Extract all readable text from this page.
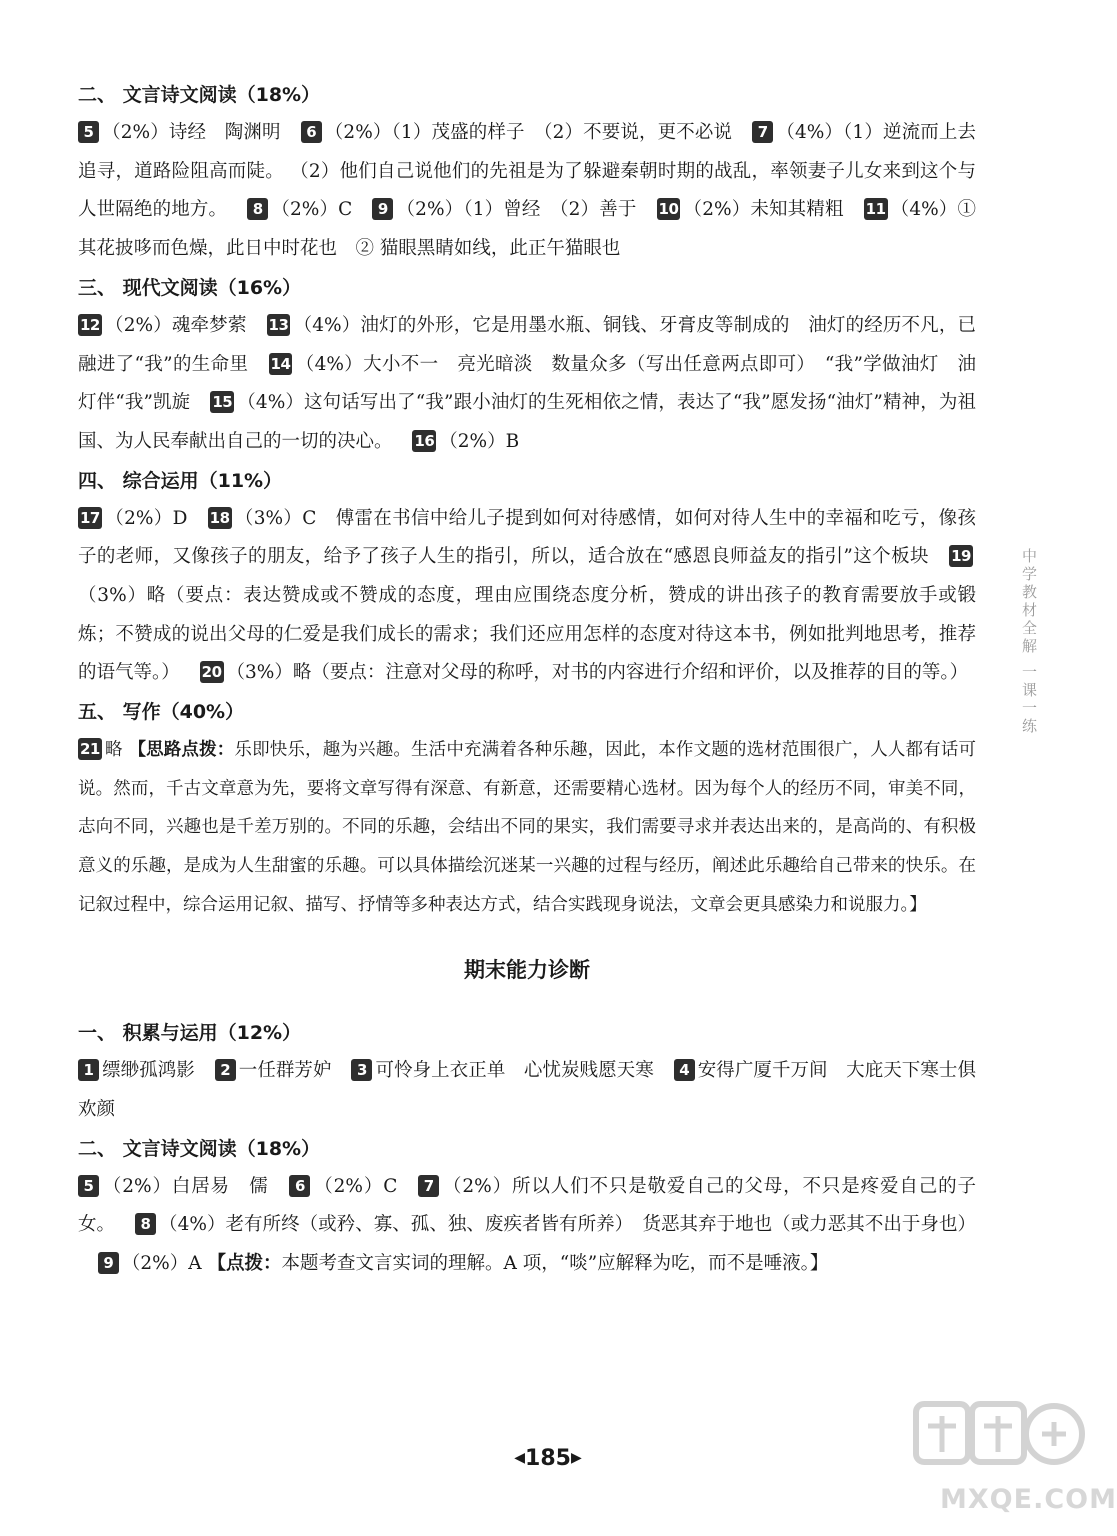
二、 文言诗文阅读（18%）
5 （2%）诗经　陶渊明 6 （2%）（1）茂盛的样子　（2）不要说，更不必说 7 （4%）（1）逆流而上去追寻，道路险阻高而陡。 （2）他们自己说他们的先祖是为了躲避秦朝时期的战乱，率领妻子儿女来到这个与人世隔绝的地方。 8 （2%）C 9 （2%）（1）曾经　（2）善于 10 （2%）未知其精粗 11 （4%）① 其花披哆而色燥，此日中时花也　② 猫眼黑睛如线，此正午猫眼也
三、 现代文阅读（16%）
12 （2%）魂牵梦萦 13 （4%）油灯的外形，它是用墨水瓶、铜钱、牙膏皮等制成的　油灯的经历不凡，已融进了“我”的生命里 14 （4%）大小不一　亮光暗淡　数量众多（写出任意两点即可）　“我”学做油灯　油灯伴“我”凯旋 15 （4%）这句话写出了“我”跟小油灯的生死相依之情，表达了“我”愿发扬“油灯”精神，为祖国、为人民奉献出自己的一切的决心。 16 （2%）B
四、 综合运用（11%）
17 （2%）D 18 （3%）C　傅雷在书信中给儿子提到如何对待感情，如何对待人生中的幸福和吃亏，像孩子的老师，又像孩子的朋友，给予了孩子人生的指引，所以，适合放在“感恩良师益友的指引”这个板块 19（3%）略（要点：表达赞成或不赞成的态度，理由应围绕态度分析，赞成的讲出孩子的教育需要放手或锻炼；不赞成的说出父母的仁爱是我们成长的需求；我们还应用怎样的态度对待这本书，例如批判地思考，推荐的语气等。） 20 （3%）略（要点：注意对父母的称呼，对书的内容进行介绍和评价，以及推荐的目的等。）
五、 写作（40%）
21 略 【思路点拨：乐即快乐，趣为兴趣。生活中充满着各种乐趣，因此，本作文题的选材范围很广，人人都有话可说。然而，千古文章意为先，要将文章写得有深意、有新意，还需要精心选材。因为每个人的经历不同，审美不同，志向不同，兴趣也是千差万别的。不同的乐趣，会结出不同的果实，我们需要寻求并表达出来的，是高尚的、有积极意义的乐趣，是成为人生甜蜜的乐趣。可以具体描绘沉迷某一兴趣的过程与经历，阐述此乐趣给自己带来的快乐。在记叙过程中，综合运用记叙、描写、抒情等多种表达方式，结合实践现身说法，文章会更具感染力和说服力。】
期末能力诊断
一、 积累与运用（12%）
1 缥缈孤鸿影 2 一任群芳妒 3 可怜身上衣正单　心忧炭贱愿天寒 4 安得广厦千万间　大庇天下寒士俱欢颜
二、 文言诗文阅读（18%）
5 （2%）白居易　儒 6 （2%）C 7 （2%）所以人们不只是敬爱自己的父母，不只是疼爱自己的子女。 8 （4%）老有所终（或矜、寡、孤、独、废疾者皆有所养）　货恶其弃于地也（或力恶其不出于身也） 9 （2%）A 【点拨：本题考查文言实词的理解。A 项，“啖”应解释为吃，而不是唾液。】
中学教材全解 一课一练
◀185▶
MXQE.COM
